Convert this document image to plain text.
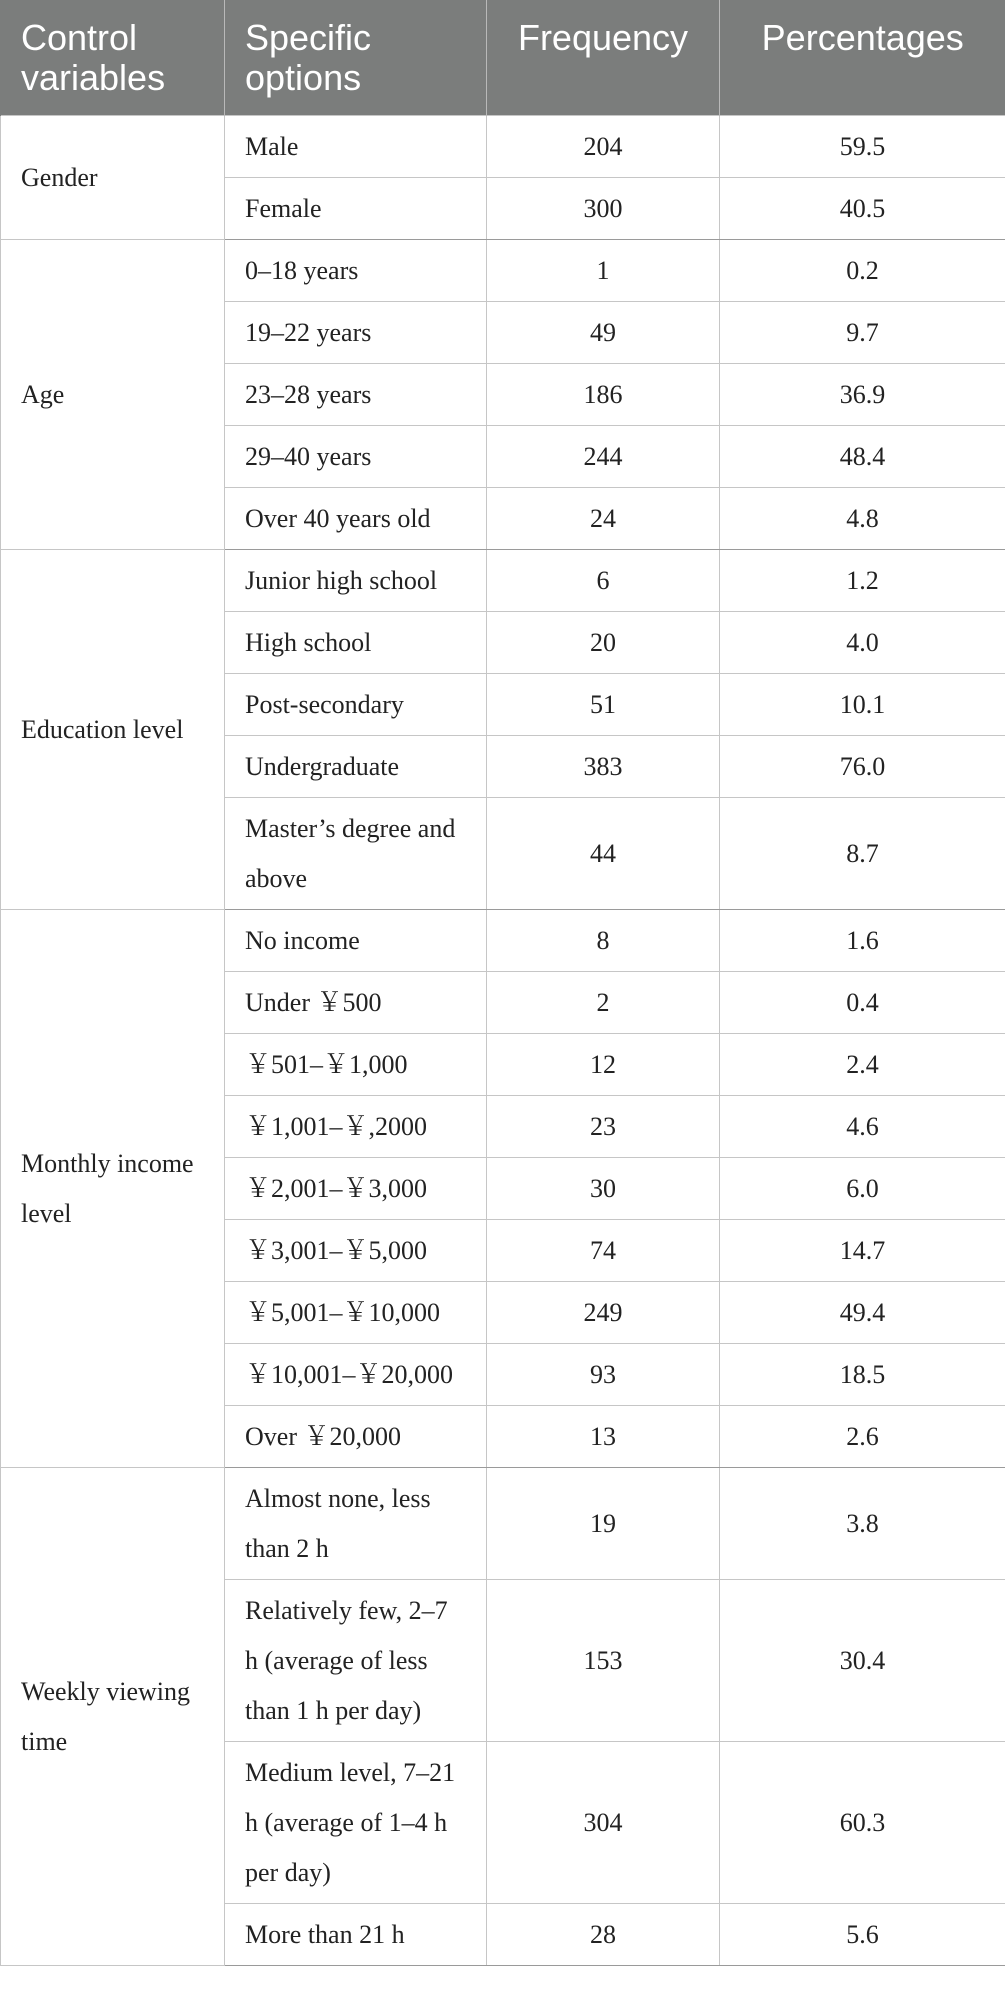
Control variables	Specific options	Frequency	Percentages
Gender	Male	204	59.5
	Female	300	40.5
Age	0–18 years	1	0.2
	19–22 years	49	9.7
	23–28 years	186	36.9
	29–40 years	244	48.4
	Over 40 years old	24	4.8
Education level	Junior high school	6	1.2
	High school	20	4.0
	Post-secondary	51	10.1
	Undergraduate	383	76.0
	Master’s degree and above	44	8.7
Monthly income level	No income	8	1.6
	Under ￥500	2	0.4
	￥501–￥1,000	12	2.4
	￥1,001–￥,2000	23	4.6
	￥2,001–￥3,000	30	6.0
	￥3,001–￥5,000	74	14.7
	￥5,001–￥10,000	249	49.4
	￥10,001–￥20,000	93	18.5
	Over ￥20,000	13	2.6
Weekly viewing time	Almost none, less than 2 h	19	3.8
	Relatively few, 2–7 h (average of less than 1 h per day)	153	30.4
	Medium level, 7–21 h (average of 1–4 h per day)	304	60.3
	More than 21 h	28	5.6
